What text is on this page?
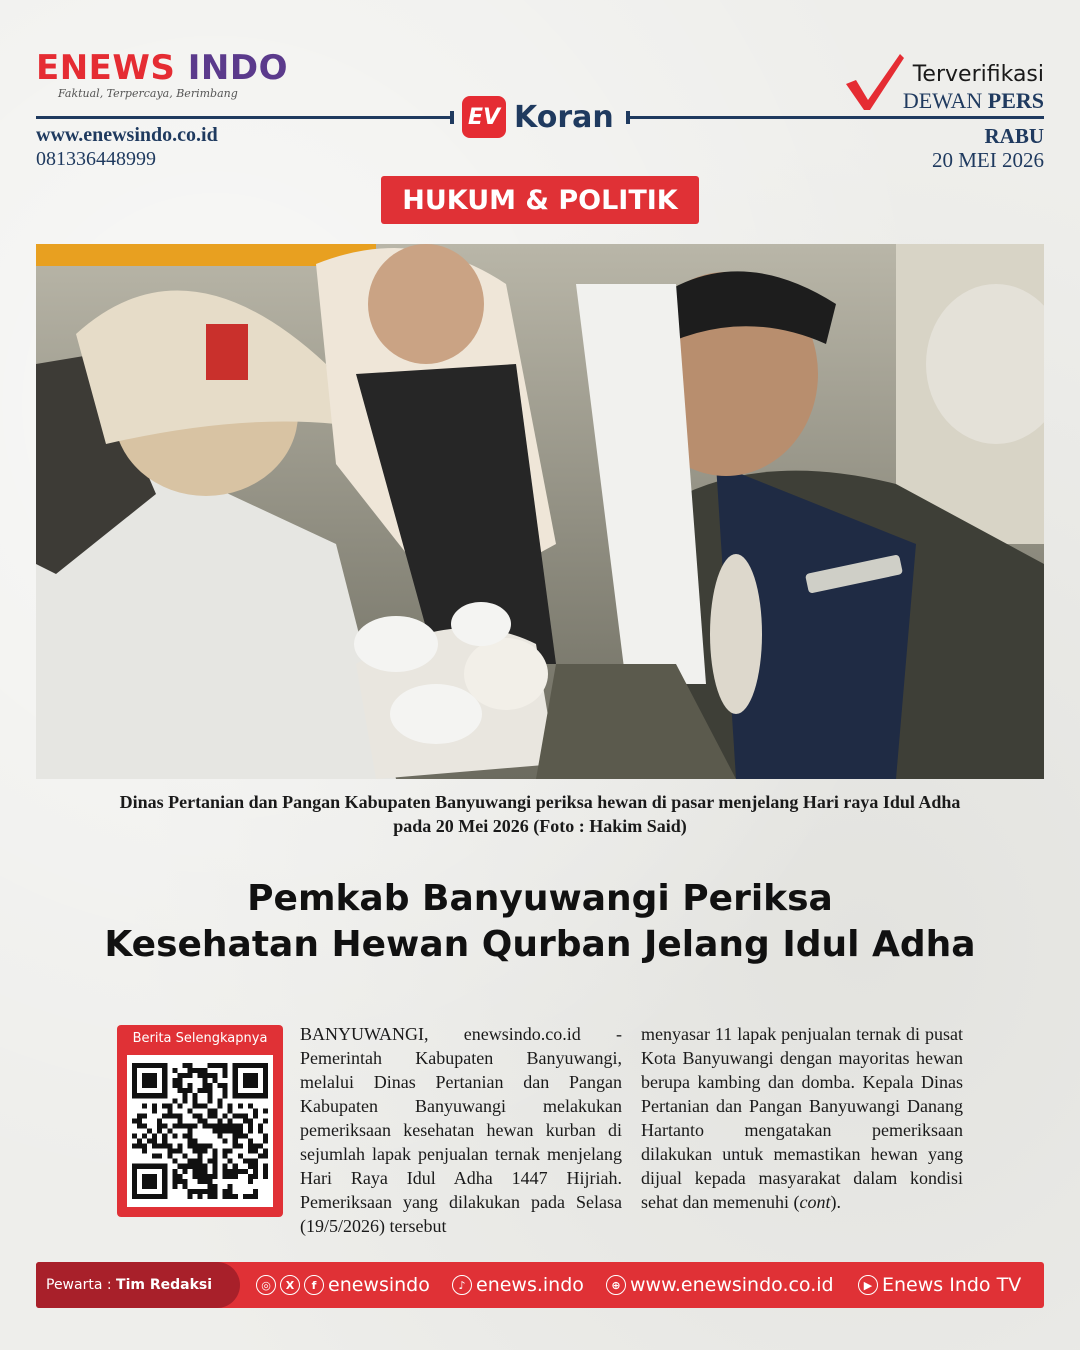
ENEWS INDO
Faktual, Terpercaya, Berimbang
EV Koran
www.enewsindo.co.id
081336448999
Terverifikasi
DEWAN PERS
RABU
20 MEI 2026
HUKUM & POLITIK
Dinas Pertanian dan Pangan Kabupaten Banyuwangi periksa hewan di pasar menjelang Hari raya Idul Adha
pada 20 Mei 2026 (Foto : Hakim Said)
Pemkab Banyuwangi Periksa
Kesehatan Hewan Qurban Jelang Idul Adha
Berita Selengkapnya	BANYUWANGI, enewsindo.co.id - Pemerintah Kabupaten Banyuwangi, melalui Dinas Pertanian dan Pangan Kabupaten Banyuwangi melakukan pemeriksaan kesehatan hewan kurban di sejumlah lapak penjualan ternak menjelang Hari Raya Idul Adha 1447 Hijriah. Pemeriksaan yang dilakukan pada Selasa (19/5/2026) tersebut
menyasar 11 lapak penjualan ternak di pusat Kota Banyuwangi dengan mayoritas hewan berupa kambing dan domba. Kepala Dinas Pertanian dan Pangan Banyuwangi Danang Hartanto mengatakan pemeriksaan dilakukan untuk memastikan hewan yang dijual kepada masyarakat dalam kondisi sehat dan memenuhi (cont).
Pewarta :
Tim Redaksi	◎	X	f enewsindo	♪ enews.indo	⊕ www.enewsindo.co.id	▶ Enews Indo TV
